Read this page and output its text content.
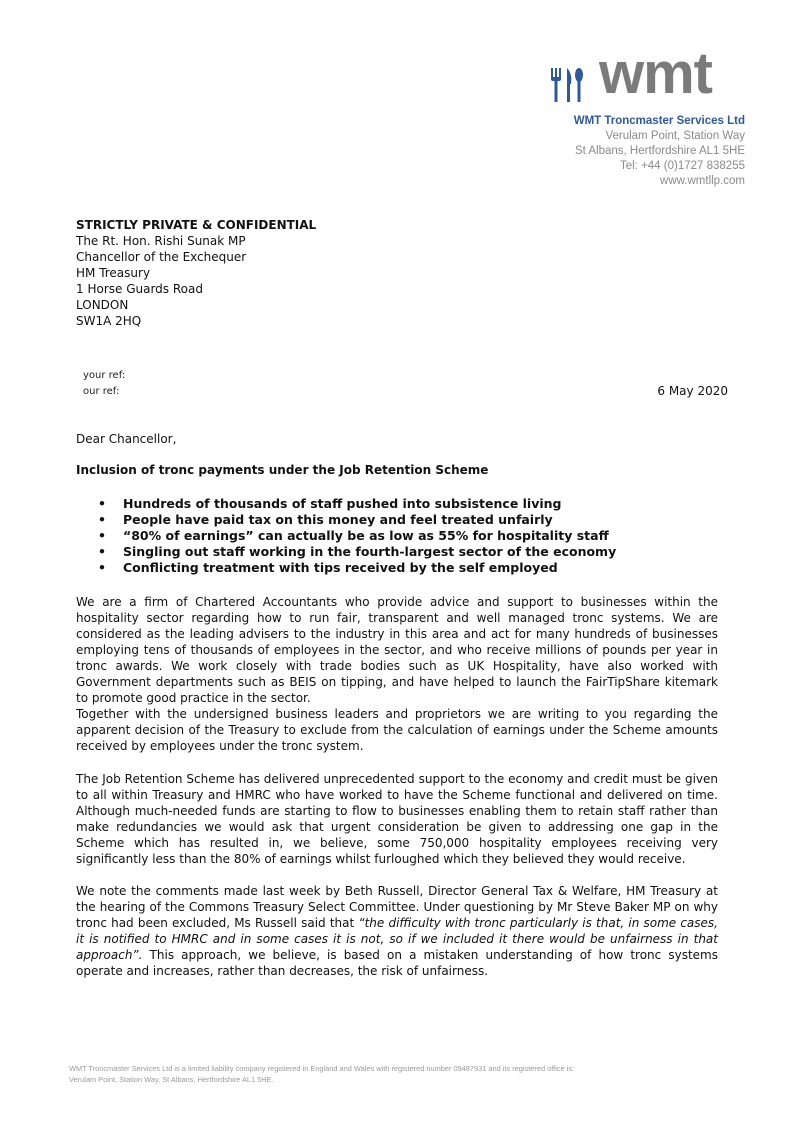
wmt
WMT Troncmaster Services Ltd
Verulam Point, Station Way
St Albans, Hertfordshire AL1 5HE
Tel: +44 (0)1727 838255
www.wmtllp.com
STRICTLY PRIVATE & CONFIDENTIAL
The Rt. Hon. Rishi Sunak MP
Chancellor of the Exchequer
HM Treasury
1 Horse Guards Road
LONDON
SW1A 2HQ
your ref:
our ref:	6 May 2020
Dear Chancellor,
Inclusion of tronc payments under the Job Retention Scheme
• Hundreds of thousands of staff pushed into subsistence living
• People have paid tax on this money and feel treated unfairly
• “80% of earnings” can actually be as low as 55% for hospitality staff
• Singling out staff working in the fourth-largest sector of the economy
• Conflicting treatment with tips received by the self employed

We are a firm of Chartered Accountants who provide advice and support to businesses within the hospitality sector regarding how to run fair, transparent and well managed tronc systems. We are considered as the leading advisers to the industry in this area and act for many hundreds of businesses employing tens of thousands of employees in the sector, and who receive millions of pounds per year in tronc awards. We work closely with trade bodies such as UK Hospitality, have also worked with Government departments such as BEIS on tipping, and have helped to launch the FairTipShare kitemark to promote good practice in the sector.

Together with the undersigned business leaders and proprietors we are writing to you regarding the apparent decision of the Treasury to exclude from the calculation of earnings under the Scheme amounts received by employees under the tronc system.

The Job Retention Scheme has delivered unprecedented support to the economy and credit must be given to all within Treasury and HMRC who have worked to have the Scheme functional and delivered on time. Although much-needed funds are starting to flow to businesses enabling them to retain staff rather than make redundancies we would ask that urgent consideration be given to addressing one gap in the Scheme which has resulted in, we believe, some 750,000 hospitality employees receiving very significantly less than the 80% of earnings whilst furloughed which they believed they would receive.

We note the comments made last week by Beth Russell, Director General Tax & Welfare, HM Treasury at the hearing of the Commons Treasury Select Committee. Under questioning by Mr Steve Baker MP on why tronc had been excluded, Ms Russell said that “the difficulty with tronc particularly is that, in some cases, it is notified to HMRC and in some cases it is not, so if we included it there would be unfairness in that approach”. This approach, we believe, is based on a mistaken understanding of how tronc systems operate and increases, rather than decreases, the risk of unfairness.

WMT Troncmaster Services Ltd is a limited liability company registered in England and Wales with registered number 09487931 and its registered office is:
Verulam Point, Station Way, St Albans, Hertfordshire AL1 5HE.
